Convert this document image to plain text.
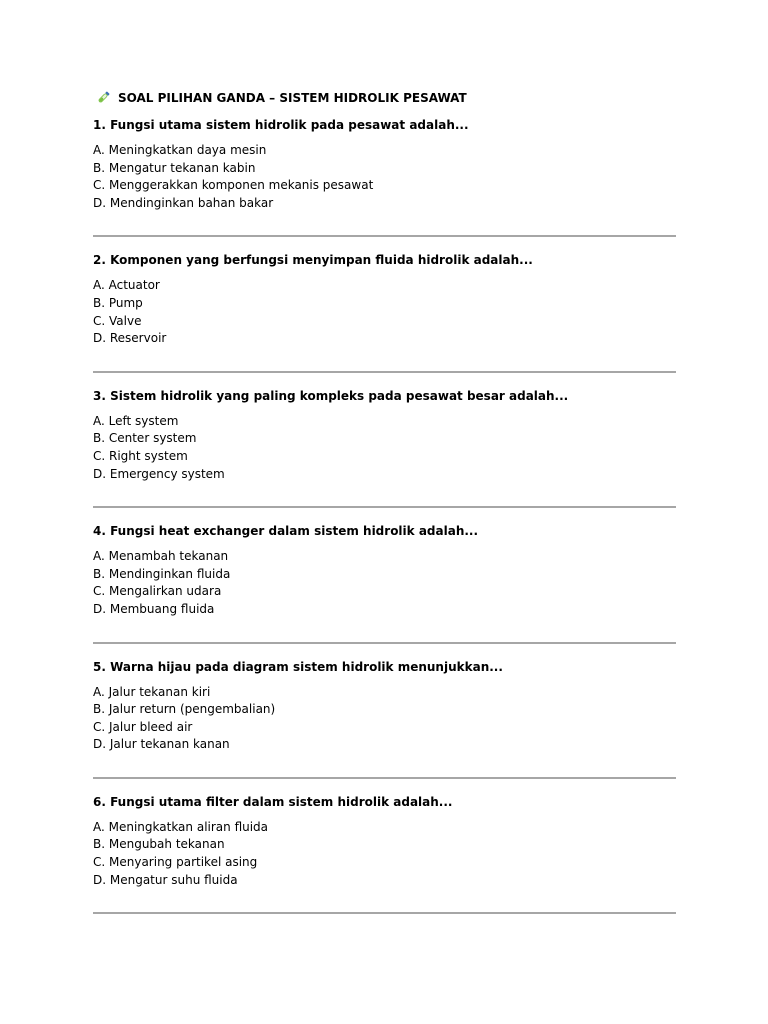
SOAL PILIHAN GANDA – SISTEM HIDROLIK PESAWAT

1. Fungsi utama sistem hidrolik pada pesawat adalah...

A. Meningkatkan daya mesin
B. Mengatur tekanan kabin
C. Menggerakkan komponen mekanis pesawat
D. Mendinginkan bahan bakar

2. Komponen yang berfungsi menyimpan fluida hidrolik adalah...

A. Actuator
B. Pump
C. Valve
D. Reservoir

3. Sistem hidrolik yang paling kompleks pada pesawat besar adalah...

A. Left system
B. Center system
C. Right system
D. Emergency system

4. Fungsi heat exchanger dalam sistem hidrolik adalah...

A. Menambah tekanan
B. Mendinginkan fluida
C. Mengalirkan udara
D. Membuang fluida

5. Warna hijau pada diagram sistem hidrolik menunjukkan...

A. Jalur tekanan kiri
B. Jalur return (pengembalian)
C. Jalur bleed air
D. Jalur tekanan kanan

6. Fungsi utama filter dalam sistem hidrolik adalah...

A. Meningkatkan aliran fluida
B. Mengubah tekanan
C. Menyaring partikel asing
D. Mengatur suhu fluida
